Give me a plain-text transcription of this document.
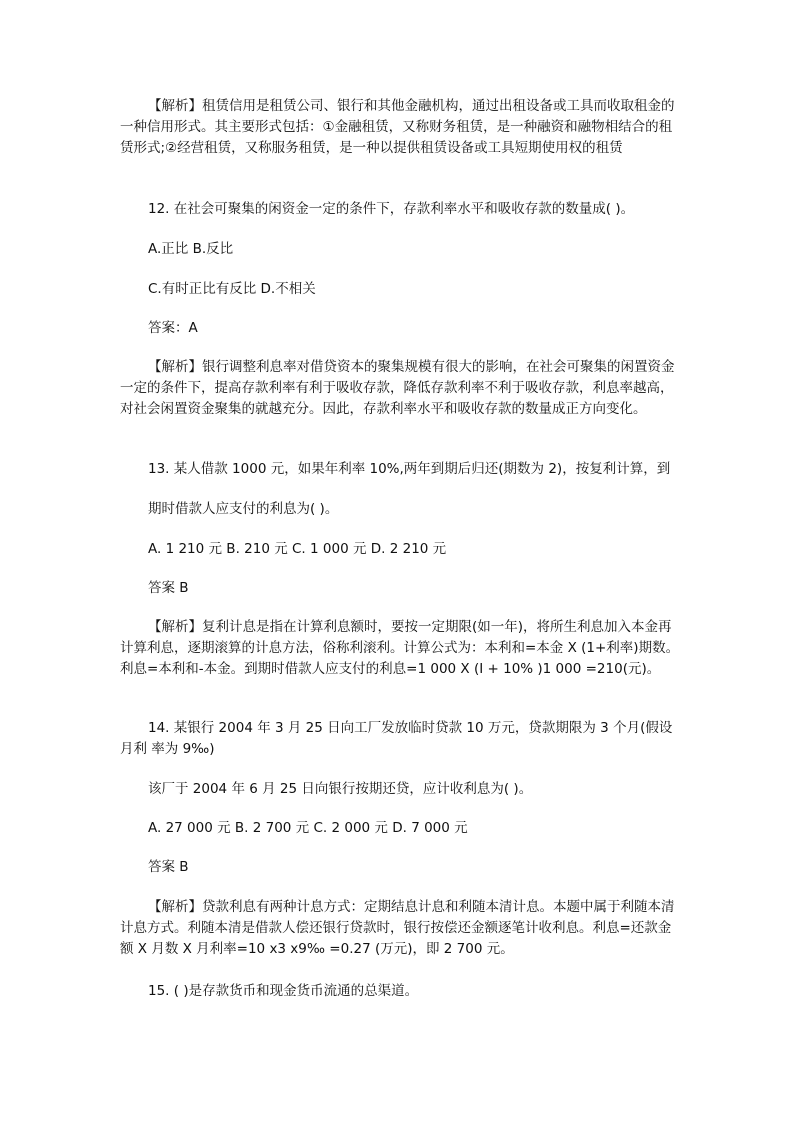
【解析】租赁信用是租赁公司、银行和其他金融机构，通过出租设备或工具而收取租金的一种信用形式。其主要形式包括：①金融租赁，又称财务租赁，是一种融资和融物相结合的租赁形式;②经营租赁，又称服务租赁，是一种以提供租赁设备或工具短期使用权的租赁

12. 在社会可聚集的闲资金一定的条件下，存款利率水平和吸收存款的数量成( )。

A.正比 B.反比

C.有时正比有反比 D.不相关

答案：A

【解析】银行调整利息率对借贷资本的聚集规模有很大的影响，在社会可聚集的闲置资金一定的条件下，提高存款利率有利于吸收存款，降低存款利率不利于吸收存款，利息率越高，对社会闲置资金聚集的就越充分。因此，存款利率水平和吸收存款的数量成正方向变化。

13. 某人借款 1000 元，如果年利率 10%,两年到期后归还(期数为 2)，按复利计算，到

期时借款人应支付的利息为( )。

A. 1 210 元 B. 210 元 C. 1 000 元 D. 2 210 元

答案 B

【解析】复利计息是指在计算利息额时，要按一定期限(如一年)，将所生利息加入本金再计算利息，逐期滚算的计息方法，俗称利滚利。计算公式为：本利和=本金 X (1+利率)期数。利息=本利和-本金。到期时借款人应支付的利息=1 000 X (I + 10% )1 000 =210(元)。

14. 某银行 2004 年 3 月 25 日向工厂发放临时贷款 10 万元，贷款期限为 3 个月(假设月利 率为 9‰)

该厂于 2004 年 6 月 25 日向银行按期还贷，应计收利息为( )。

A. 27 000 元 B. 2 700 元 C. 2 000 元 D. 7 000 元

答案 B

【解析】贷款利息有两种计息方式：定期结息计息和利随本清计息。本题中属于利随本清计息方式。利随本清是借款人偿还银行贷款时，银行按偿还金额逐笔计收利息。利息=还款金额 X 月数 X 月利率=10 x3 x9‰ =0.27 (万元)，即 2 700 元。

15. ( )是存款货币和现金货币流通的总渠道。
